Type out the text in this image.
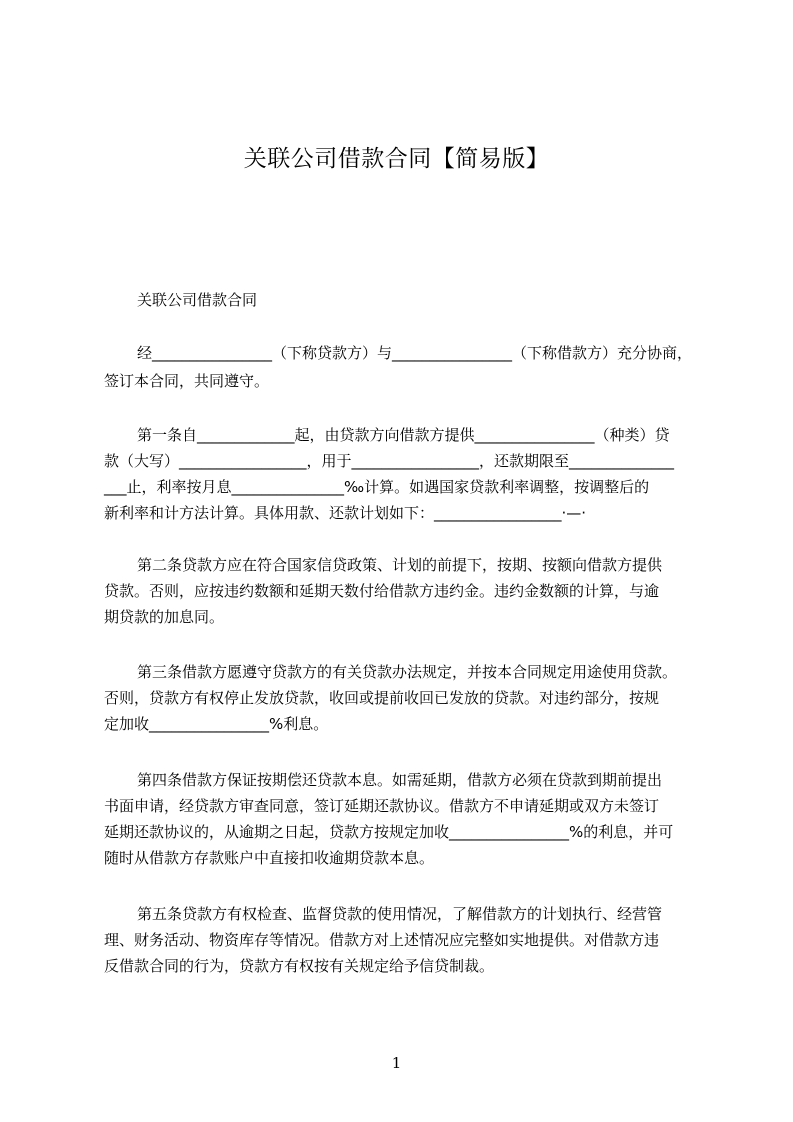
关联公司借款合同【简易版】
关联公司借款合同
经________________（下称贷款方）与________________（下称借款方）充分协商，
签订本合同，共同遵守。
第一条自_____________起，由贷款方向借款方提供________________（种类）贷
款（大写）_________________，用于_________________，还款期限至______________
___止，利率按月息_______________‰计算。如遇国家贷款利率调整，按调整后的
新利率和计方法计算。具体用款、还款计划如下：_________________·—·
第二条贷款方应在符合国家信贷政策、计划的前提下，按期、按额向借款方提供
贷款。否则，应按违约数额和延期天数付给借款方违约金。违约金数额的计算，与逾
期贷款的加息同。
第三条借款方愿遵守贷款方的有关贷款办法规定，并按本合同规定用途使用贷款。
否则，贷款方有权停止发放贷款，收回或提前收回已发放的贷款。对违约部分，按规
定加收________________%利息。
第四条借款方保证按期偿还贷款本息。如需延期，借款方必须在贷款到期前提出
书面申请，经贷款方审查同意，签订延期还款协议。借款方不申请延期或双方未签订
延期还款协议的，从逾期之日起，贷款方按规定加收________________%的利息，并可
随时从借款方存款账户中直接扣收逾期贷款本息。
第五条贷款方有权检查、监督贷款的使用情况，了解借款方的计划执行、经营管
理、财务活动、物资库存等情况。借款方对上述情况应完整如实地提供。对借款方违
反借款合同的行为，贷款方有权按有关规定给予信贷制裁。
1
